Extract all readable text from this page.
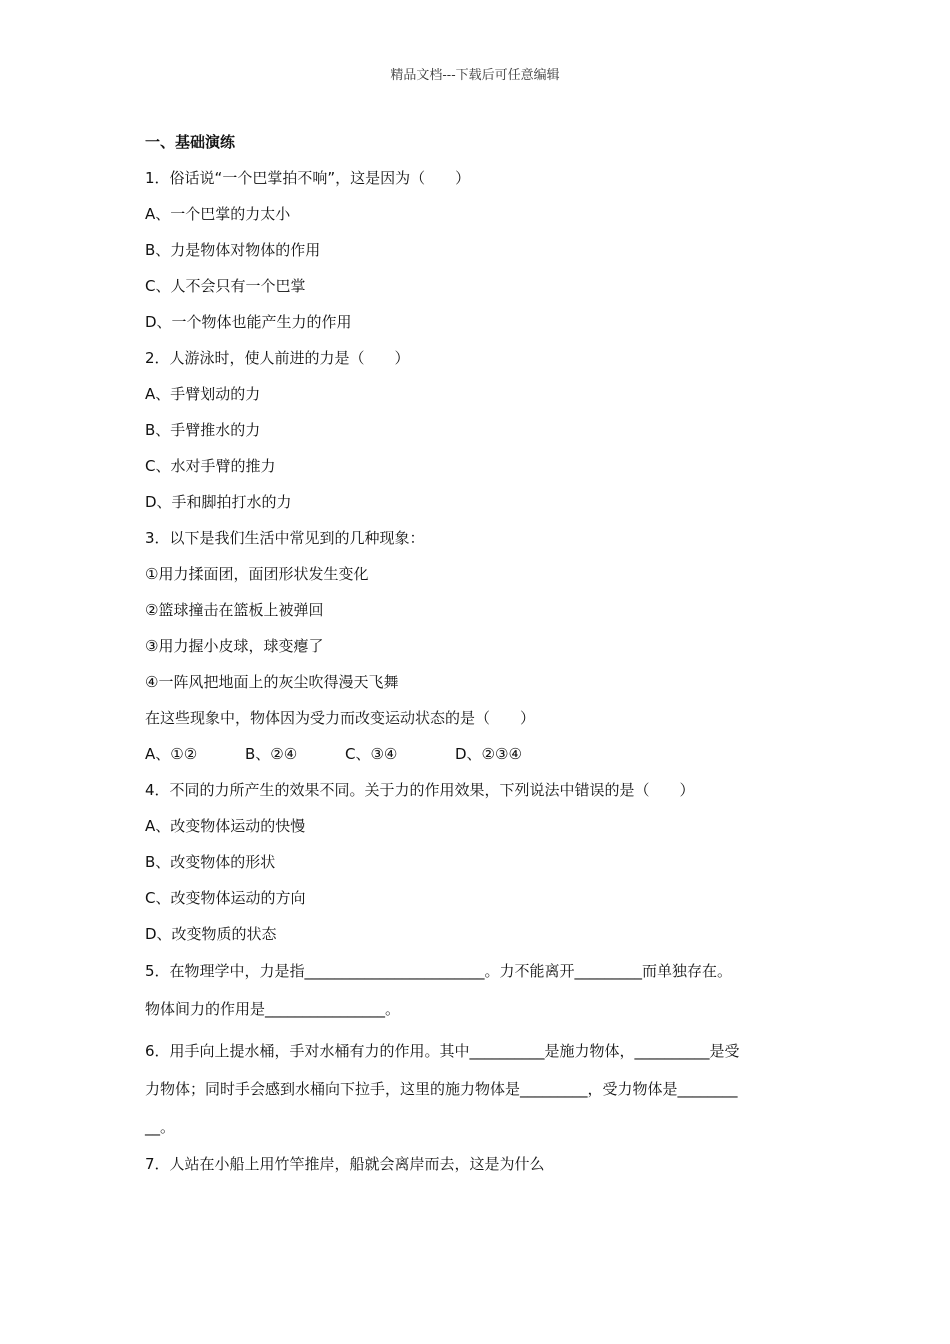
精品文档---下载后可任意编辑
一、基础演练
1．俗话说“一个巴掌拍不响”，这是因为（　　）
A、一个巴掌的力太小
B、力是物体对物体的作用
C、人不会只有一个巴掌
D、一个物体也能产生力的作用
2．人游泳时，使人前进的力是（　　）
A、手臂划动的力
B、手臂推水的力
C、水对手臂的推力
D、手和脚拍打水的力
3．以下是我们生活中常见到的几种现象：
①用力揉面团，面团形状发生变化
②篮球撞击在篮板上被弹回
③用力握小皮球，球变瘪了
④一阵风把地面上的灰尘吹得漫天飞舞
在这些现象中，物体因为受力而改变运动状态的是（　　）
A、①②	B、②④	C、③④	D、②③④
4．不同的力所产生的效果不同。关于力的作用效果，下列说法中错误的是（　　）
A、改变物体运动的快慢
B、改变物体的形状
C、改变物体运动的方向
D、改变物质的状态
5．在物理学中，力是指________________________。力不能离开_________而单独存在。
物体间力的作用是________________。
6．用手向上提水桶，手对水桶有力的作用。其中__________是施力物体，__________是受
力物体；同时手会感到水桶向下拉手，这里的施力物体是_________，受力物体是________
__。
7．人站在小船上用竹竿推岸，船就会离岸而去，这是为什么
